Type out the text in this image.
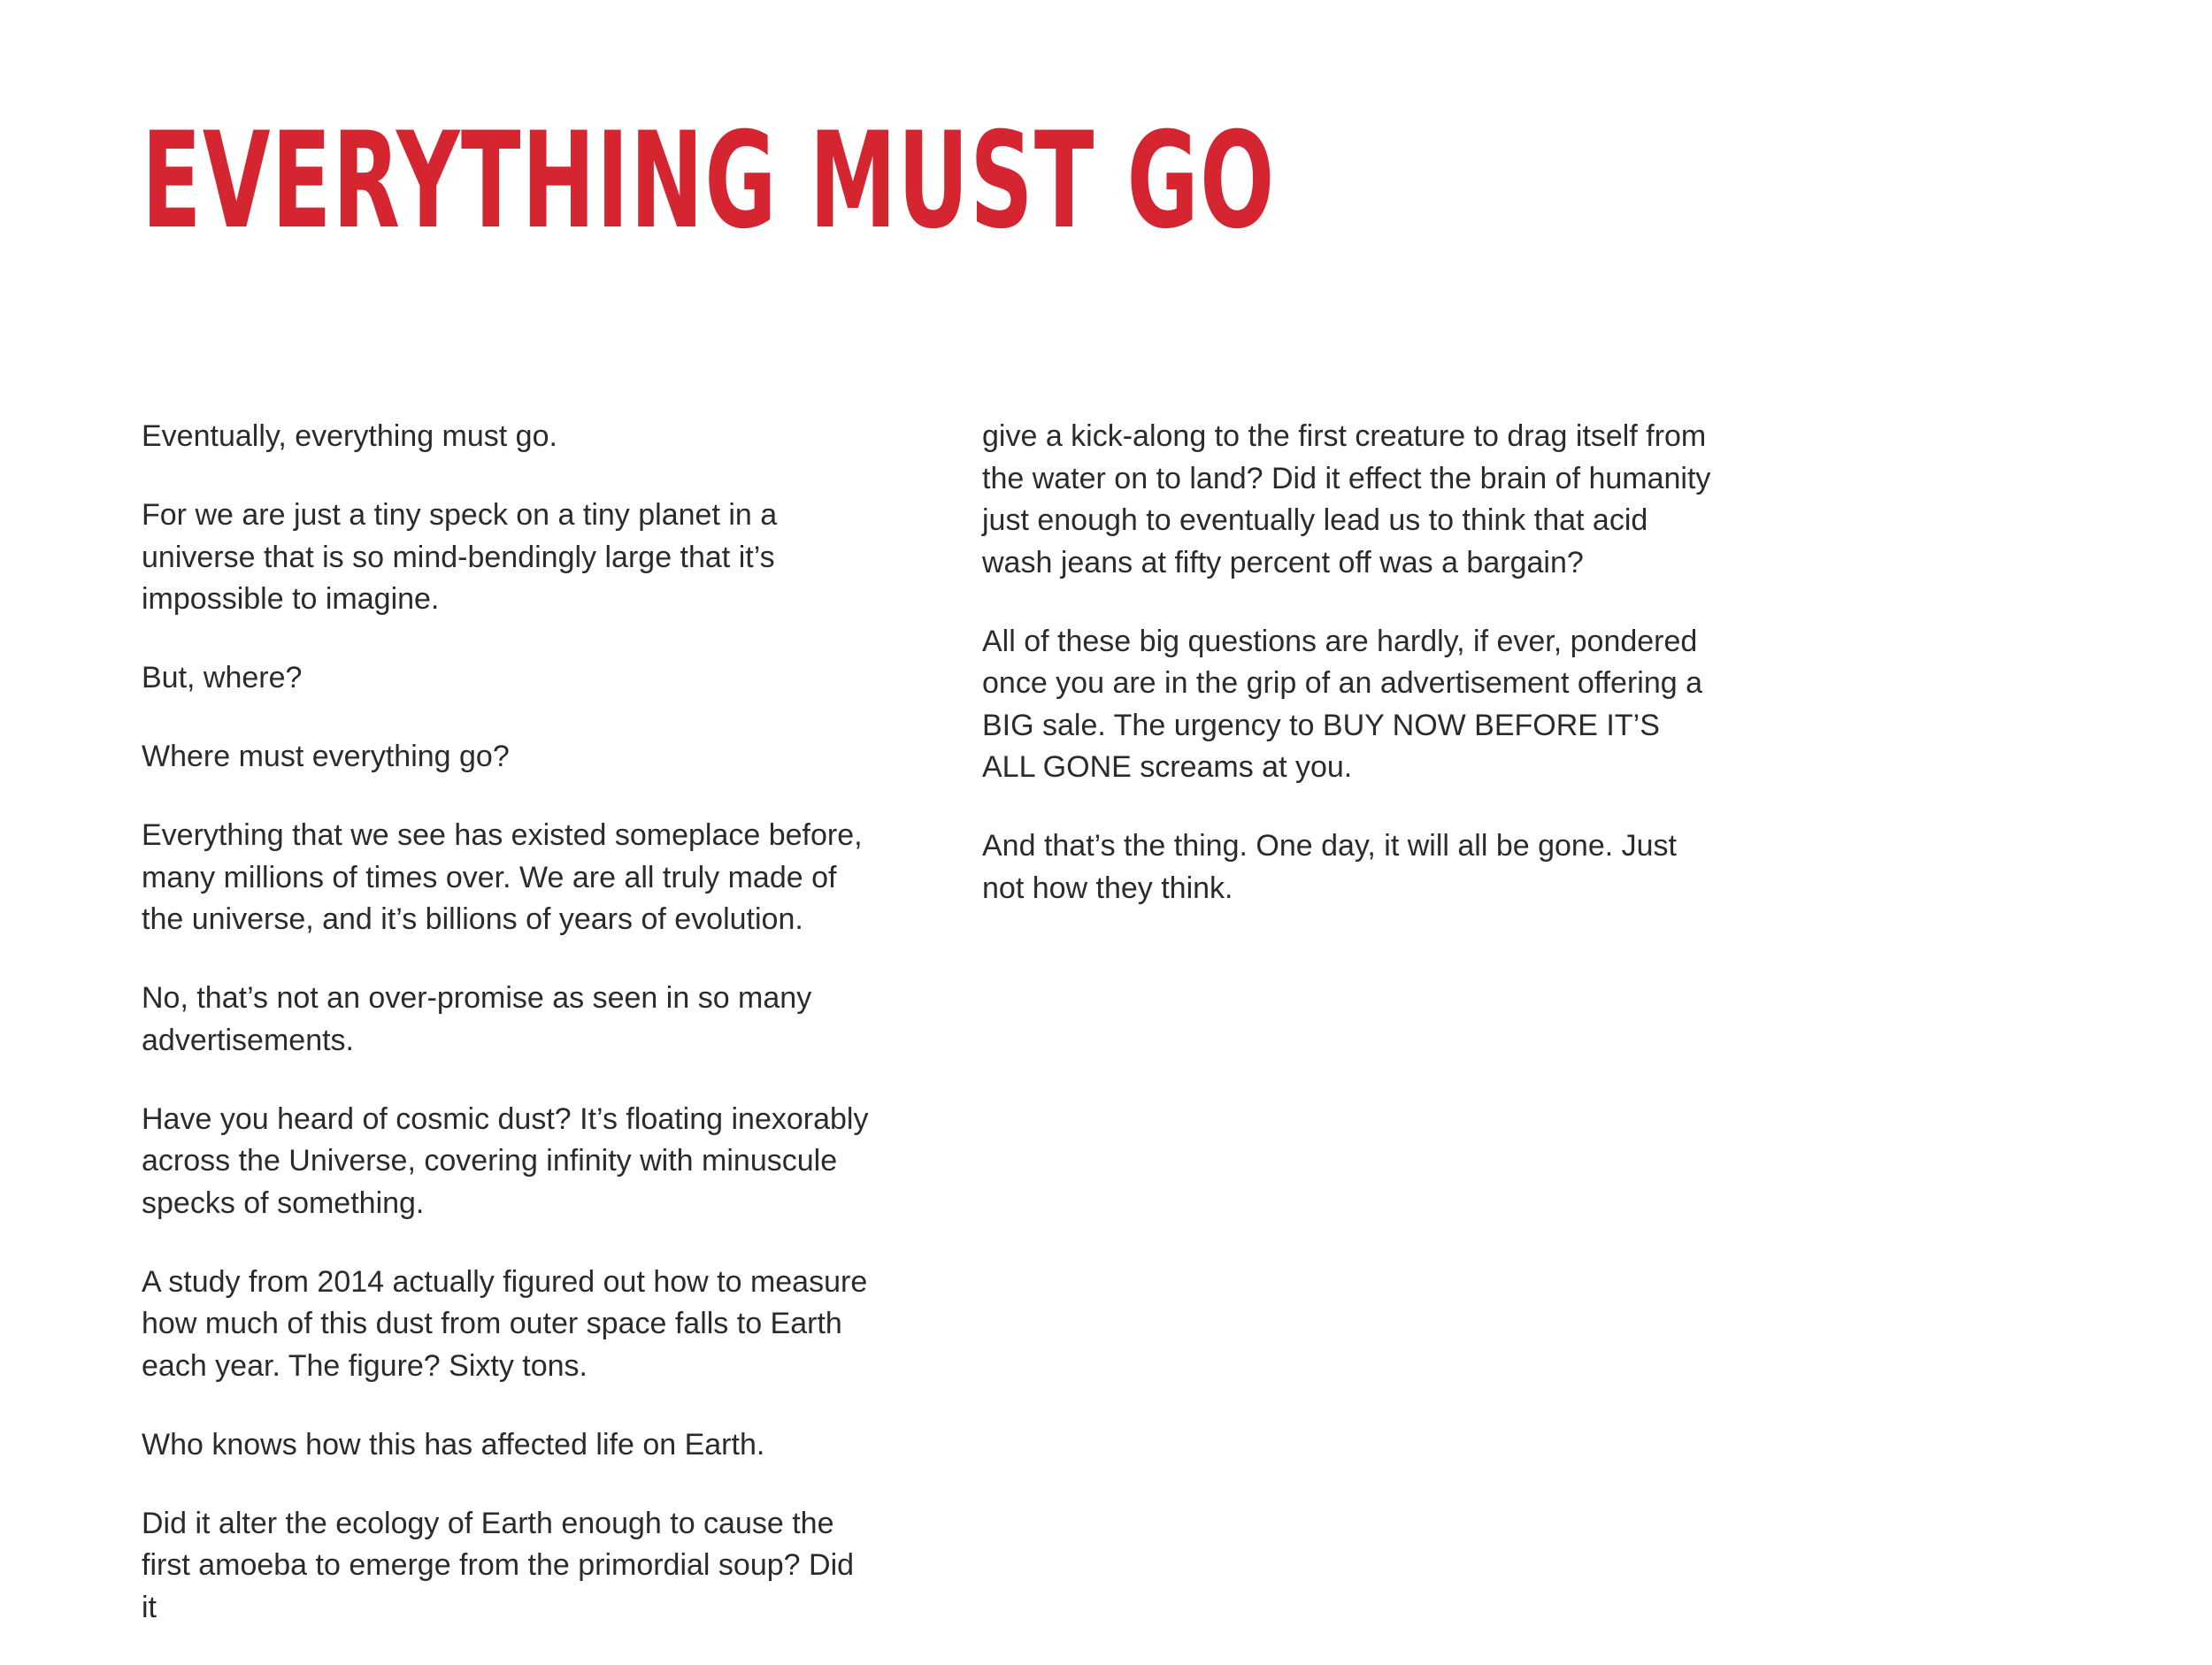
EVERYTHING MUST GO

Eventually, everything must go.

For we are just a tiny speck on a tiny planet in a universe that is so mind-bendingly large that it’s impossible to imagine.

But, where?

Where must everything go?

Everything that we see has existed someplace before, many millions of times over. We are all truly made of the universe, and it’s billions of years of evolution.

No, that’s not an over-promise as seen in so many advertisements.

Have you heard of cosmic dust? It’s floating inexorably across the Universe, covering infinity with minuscule specks of something.

A study from 2014 actually figured out how to measure how much of this dust from outer space falls to Earth each year. The figure? Sixty tons.

Who knows how this has affected life on Earth.

Did it alter the ecology of Earth enough to cause the first amoeba to emerge from the primordial soup? Did it

give a kick-along to the first creature to drag itself from the water on to land? Did it effect the brain of humanity just enough to eventually lead us to think that acid wash jeans at fifty percent off was a bargain?

All of these big questions are hardly, if ever, pondered once you are in the grip of an advertisement offering a BIG sale. The urgency to BUY NOW BEFORE IT’S ALL GONE screams at you.

And that’s the thing. One day, it will all be gone. Just not how they think.
